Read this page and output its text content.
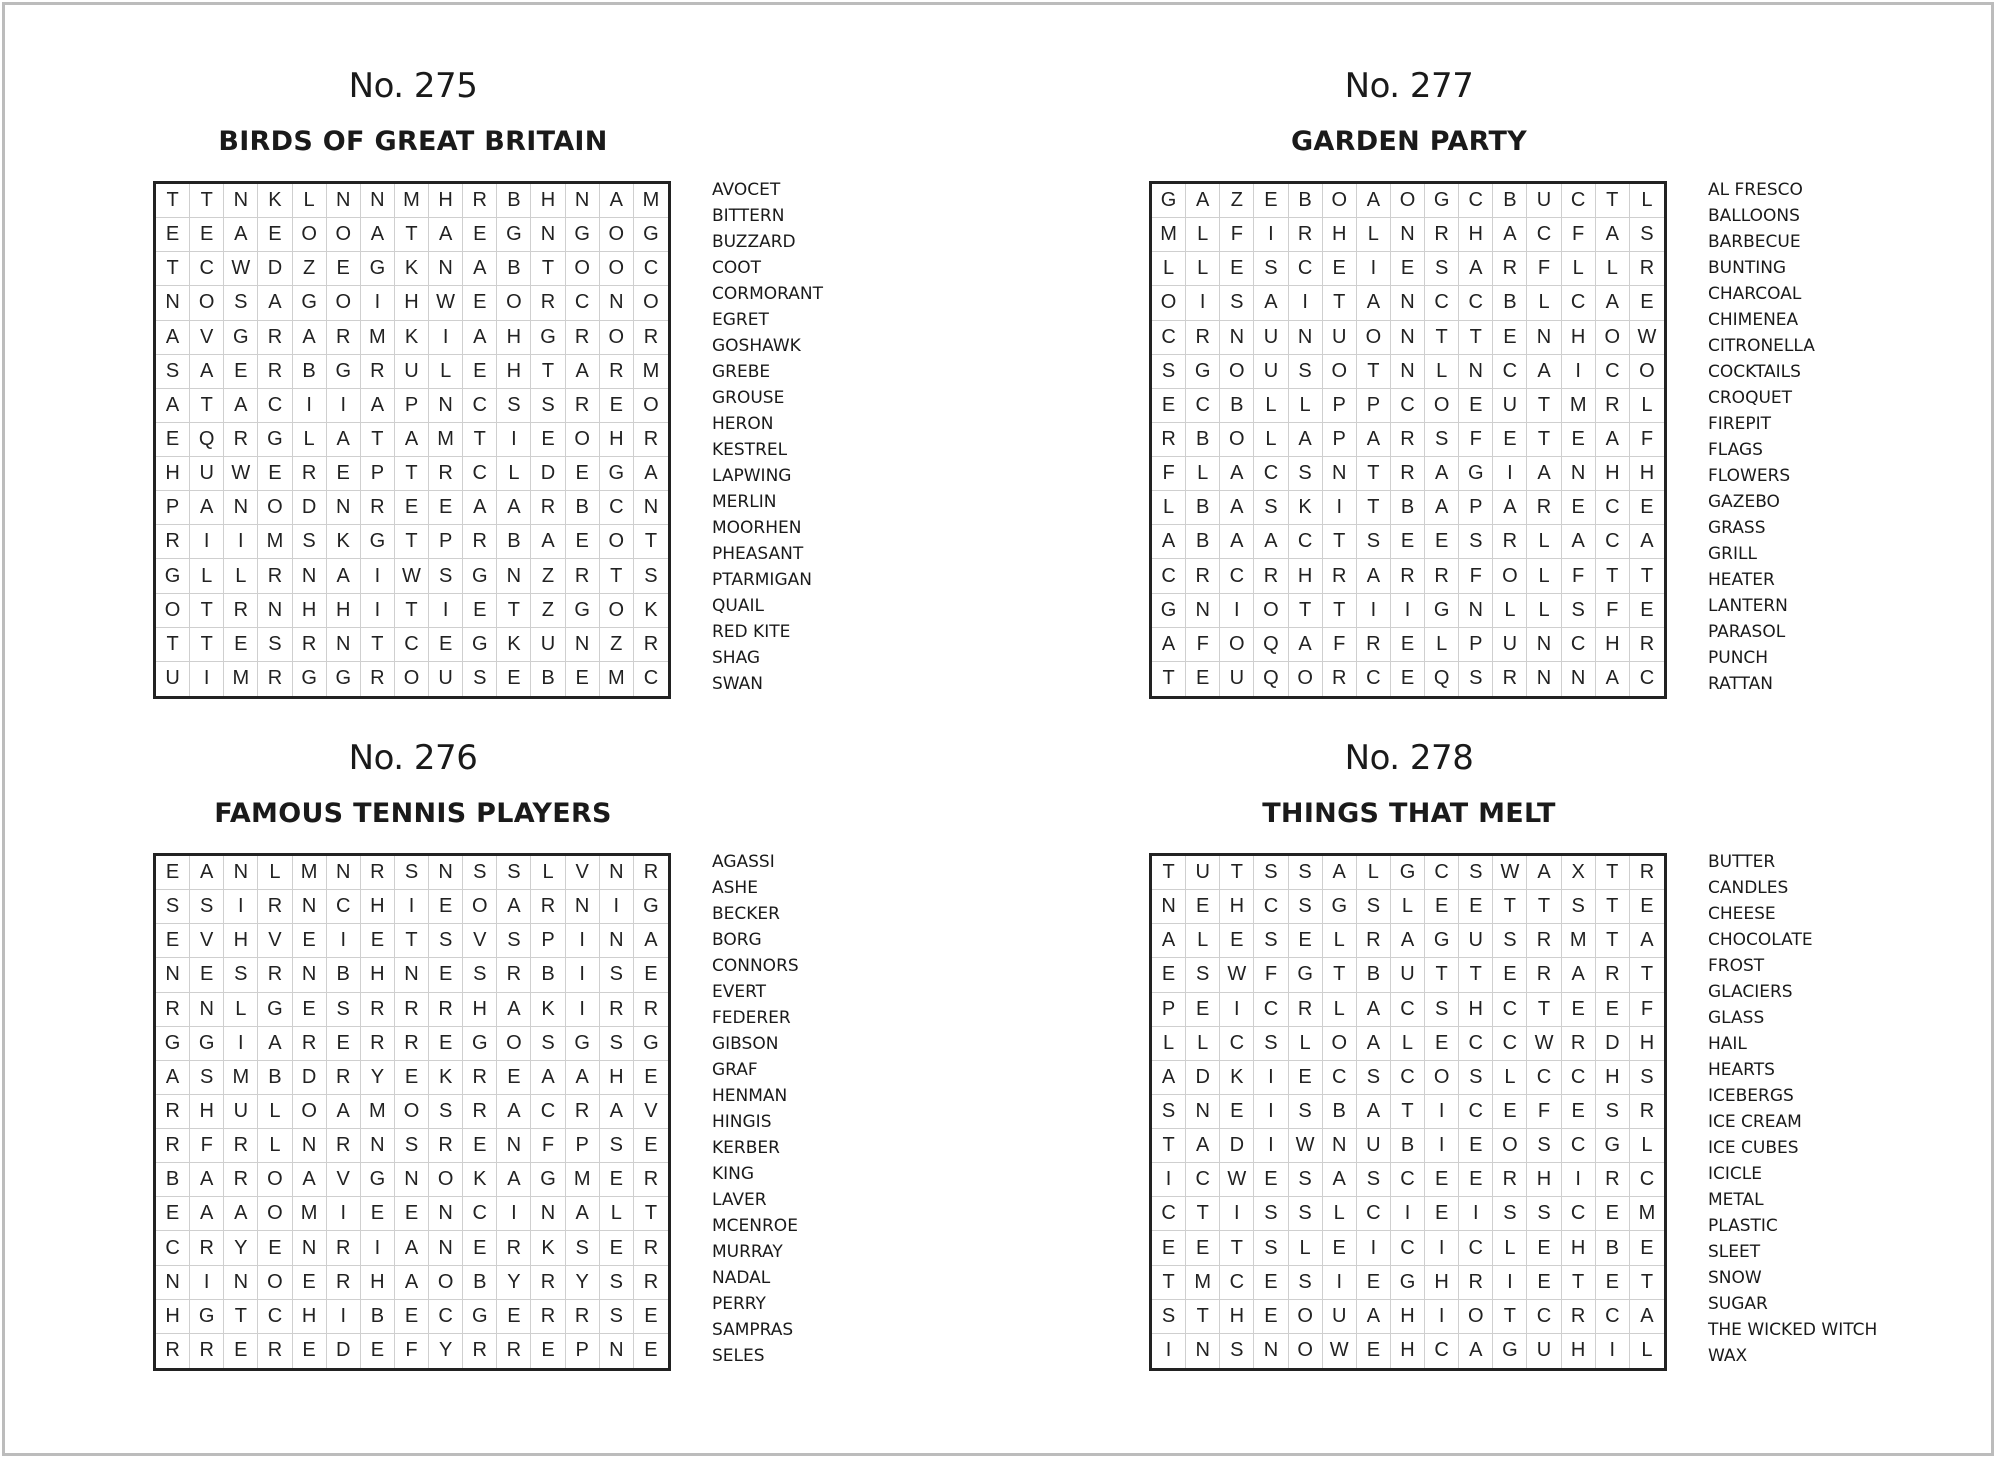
No. 275
BIRDS OF GREAT BRITAIN
T	T	N	K	L	N N M H R	B	H N	A M
E	E	A	E O O A	T	A	E G N G O G
T	C W D	Z	E G K	N	A	B	T	O O C
N O S	A G O	I	H W E O R C N O
A	V G R	A	R M K	I	A	H G R O R
S	A	E	R	B G R U	L	E	H	T	A	R M
A	T	A	C	I	I	A	P	N C	S	S	R	E	O
E Q R G	L	A	T	A M T	I	E O H	R
H U W E	R	E	P	T	R C	L	D	E G	A
P	A	N O D N R	E	E	A	A	R	B	C	N
R	I	I	M S	K G	T	P	R	B	A	E O	T
G	L	L	R N	A	I	W S G N	Z	R	T	S
O	T	R N H H	I	T	I	E	T	Z	G O	K
T	T	E	S	R N	T	C	E G K	U N	Z	R
U	I	M R G G R O U	S	E	B	E M C
AVOCET
BITTERN
BUZZARD
COOT
CORMORANT
EGRET
GOSHAWK
GREBE
GROUSE
HERON
KESTREL
LAPWING
MERLIN
MOORHEN
PHEASANT
PTARMIGAN
QUAIL
RED KITE
SHAG
SWAN
No. 277
GARDEN PARTY
G A	Z	E	B O A O G C	B	U C	T	L
M	L	F	I	R H	L	N R H	A	C	F	A	S
L	L	E	S	C	E	I	E	S	A	R	F	L	L	R
O	I	S	A	I	T	A	N C C	B	L	C	A	E
C R N U N U O N	T	T	E	N H O W
S G O U	S O	T	N	L	N C	A	I	C O
E	C	B	L	L	P	P	C O E	U	T M R	L
R	B O	L	A	P	A	R	S	F	E	T	E	A	F
F	L	A	C	S	N	T	R	A G	I	A	N H	H
L	B	A	S	K	I	T	B	A	P	A	R	E	C	E
A	B	A	A	C	T	S	E	E	S	R	L	A	C	A
C R C R H R	A	R R	F	O	L	F	T	T
G N	I	O	T	T	I	I	G N	L	L	S	F	E
A	F	O Q A	F	R	E	L	P	U N C H	R
T	E	U Q O R C	E Q S	R N N	A	C
AL FRESCO
BALLOONS
BARBECUE
BUNTING
CHARCOAL
CHIMENEA
CITRONELLA
COCKTAILS
CROQUET
FIREPIT
FLAGS
FLOWERS
GAZEBO
GRASS
GRILL
HEATER
LANTERN
PARASOL
PUNCH
RATTAN
No. 276
FAMOUS TENNIS PLAYERS
E	A	N	L	M N R	S	N	S	S	L	V	N	R
S	S	I	R N C H	I	E O A	R N	I	G
E	V	H	V	E	I	E	T	S	V	S	P	I	N	A
N	E	S	R N	B	H N	E	S	R	B	I	S	E
R N	L	G E	S	R R R H	A	K	I	R	R
G G	I	A	R	E	R R	E G O S G S	G
A	S M B	D R	Y	E	K	R	E	A	A	H	E
R H U	L	O A M O S	R	A	C R	A	V
R	F	R	L	N R N	S	R	E	N	F	P	S	E
B	A	R O A	V G N O K	A G M E	R
E	A	A O M	I	E	E	N C	I	N	A	L	T
C R	Y	E	N R	I	A	N	E	R	K	S	E	R
N	I	N O E	R H	A O B	Y	R	Y	S	R
H G	T	C H	I	B	E	C G E	R R	S	E
R R	E	R	E	D	E	F	Y	R R	E	P	N	E
AGASSI
ASHE
BECKER
BORG
CONNORS
EVERT
FEDERER
GIBSON
GRAF
HENMAN
HINGIS
KERBER
KING
LAVER
MCENROE
MURRAY
NADAL
PERRY
SAMPRAS
SELES
No. 278
THINGS THAT MELT
T	U	T	S	S	A	L	G C	S W A	X	T	R
N	E	H C	S G S	L	E	E	T	T	S	T	E
A	L	E	S	E	L	R	A G U	S	R M T	A
E	S W F	G	T	B	U	T	T	E	R	A	R	T
P	E	I	C R	L	A	C	S	H C	T	E	E	F
L	L	C	S	L	O A	L	E	C C W R D	H
A	D	K	I	E	C	S	C O S	L	C C H	S
S	N	E	I	S	B	A	T	I	C	E	F	E	S	R
T	A	D	I	W N U	B	I	E O S	C G	L
I	C W E	S	A	S	C	E	E	R H	I	R	C
C	T	I	S	S	L	C	I	E	I	S	S	C	E M
E	E	T	S	L	E	I	C	I	C	L	E	H	B	E
T M C	E	S	I	E G H R	I	E	T	E	T
S	T	H	E O U	A	H	I	O	T	C R C	A
I	N	S	N O W E	H C	A G U H	I	L
BUTTER
CANDLES
CHEESE
CHOCOLATE
FROST
GLACIERS
GLASS
HAIL
HEARTS
ICEBERGS
ICE CREAM
ICE CUBES
ICICLE
METAL
PLASTIC
SLEET
SNOW
SUGAR
THE WICKED WITCH
WAX
